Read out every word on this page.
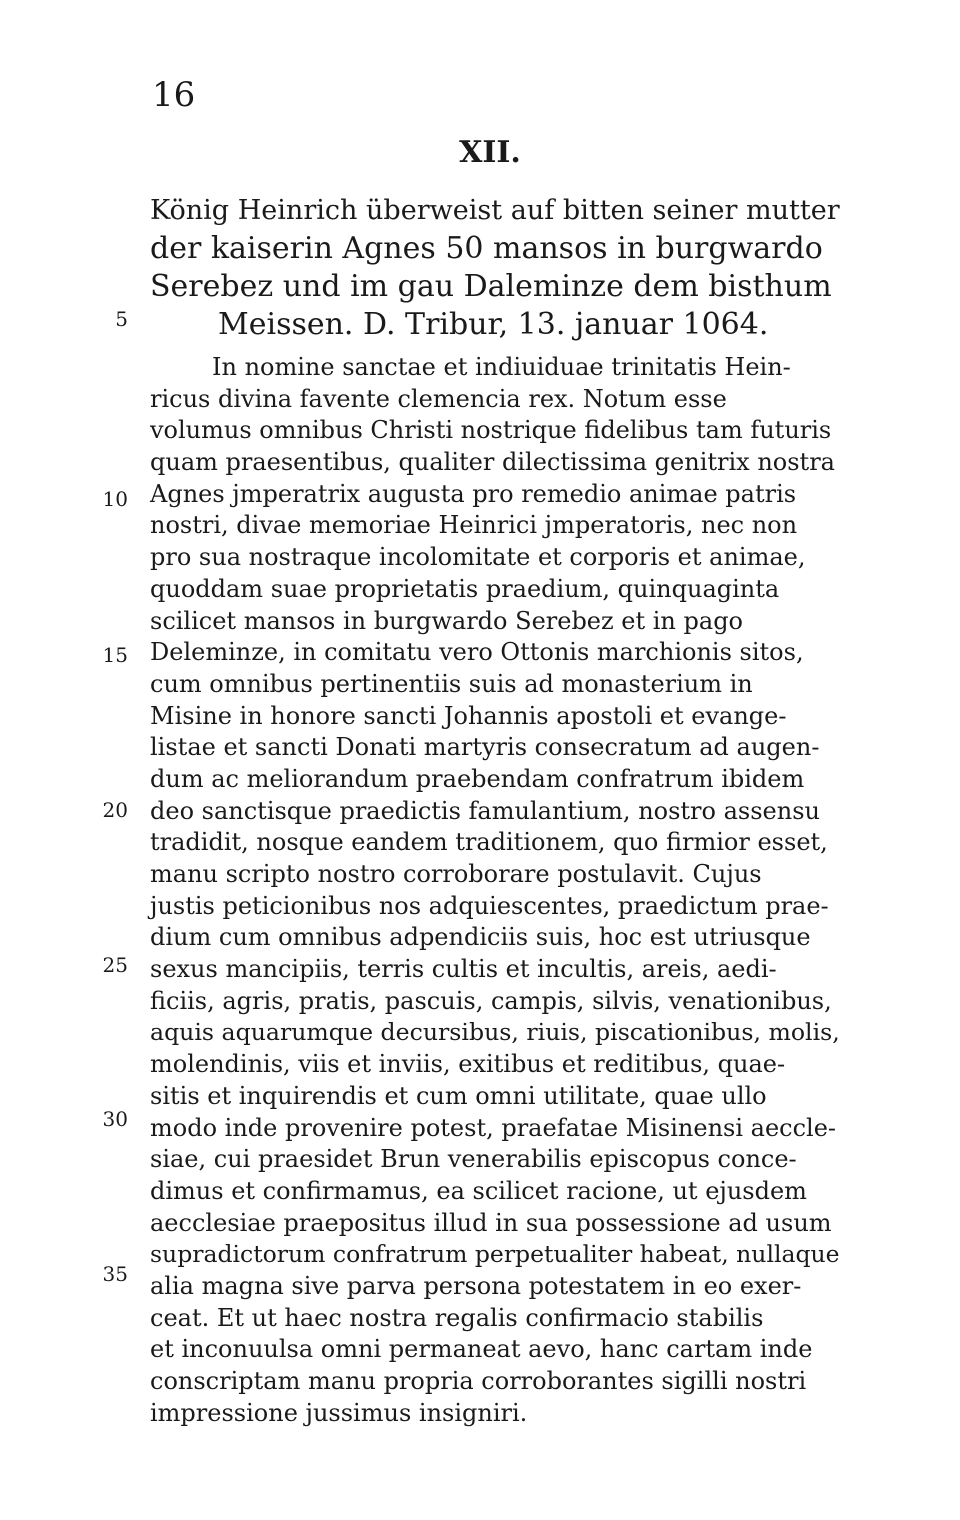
16
XII.
König Heinrich überweist auf bitten seiner mutter
der kaiserin Agnes 50 mansos in burgwardo
Serebez und im gau Daleminze dem bisthum
Meissen. D. Tribur, 13. januar 1064.
5
10
15
20
25
30
35
In nomine sanctae et indiuiduae trinitatis Hein-
ricus divina favente clemencia rex. Notum esse
volumus omnibus Christi nostrique fidelibus tam futuris
quam praesentibus, qualiter dilectissima genitrix nostra
Agnes jmperatrix augusta pro remedio animae patris
nostri, divae memoriae Heinrici jmperatoris, nec non
pro sua nostraque incolomitate et corporis et animae,
quoddam suae proprietatis praedium, quinquaginta
scilicet mansos in burgwardo Serebez et in pago
Deleminze, in comitatu vero Ottonis marchionis sitos,
cum omnibus pertinentiis suis ad monasterium in
Misine in honore sancti Johannis apostoli et evange-
listae et sancti Donati martyris consecratum ad augen-
dum ac meliorandum praebendam confratrum ibidem
deo sanctisque praedictis famulantium, nostro assensu
tradidit, nosque eandem traditionem, quo firmior esset,
manu scripto nostro corroborare postulavit. Cujus
justis peticionibus nos adquiescentes, praedictum prae-
dium cum omnibus adpendiciis suis, hoc est utriusque
sexus mancipiis, terris cultis et incultis, areis, aedi-
ficiis, agris, pratis, pascuis, campis, silvis, venationibus,
aquis aquarumque decursibus, riuis, piscationibus, molis,
molendinis, viis et inviis, exitibus et reditibus, quae-
sitis et inquirendis et cum omni utilitate, quae ullo
modo inde provenire potest, praefatae Misinensi aeccle-
siae, cui praesidet Brun venerabilis episcopus conce-
dimus et confirmamus, ea scilicet racione, ut ejusdem
aecclesiae praepositus illud in sua possessione ad usum
supradictorum confratrum perpetualiter habeat, nullaque
alia magna sive parva persona potestatem in eo exer-
ceat. Et ut haec nostra regalis confirmacio stabilis
et inconuulsa omni permaneat aevo, hanc cartam inde
conscriptam manu propria corroborantes sigilli nostri
impressione jussimus insigniri.
